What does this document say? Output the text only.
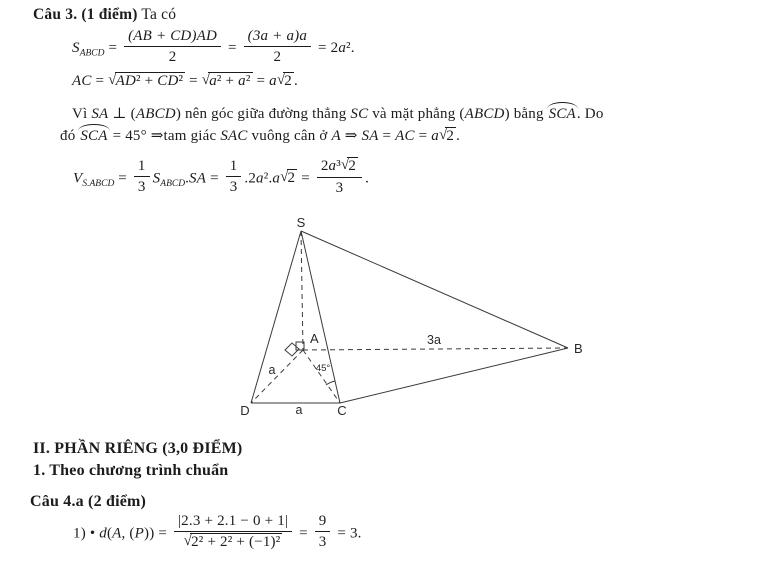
Câu 3. (1 điểm) Ta có
$S_{ABCD} = \frac{(AB + CD)AD}{2} = \frac{(3a + a)a}{2} = 2a^2$.
AC = √AD² + CD² = √a² + a² = a√2 .
Vì SA ⊥ (ABCD) nên góc giữa đường thẳng SC và mặt phẳng (ABCD) bằng SCA. Do
đó SCA = 45° ⇒tam giác SAC vuông cân ở A ⇒ SA = AC = a√2 .
$V_{S.ABCD} = \frac{1}{3} S_{ABCD}.SA = \frac{1}{3} .2a^2.a√2 = \frac{\text{2a³√2}}{3}$ .
S
A
B
C
D
3a
a
a
45°
II. PHẦN RIÊNG (3,0 ĐIỂM)
1. Theo chương trình chuẩn
Câu 4.a (2 điểm)
1) • d(A, $(P)) = \frac{|2.3 + 2.1 - 0 + 1|}{\text{√2² + 2² + (−1)²}} = \frac{9}{3} = 3$.
